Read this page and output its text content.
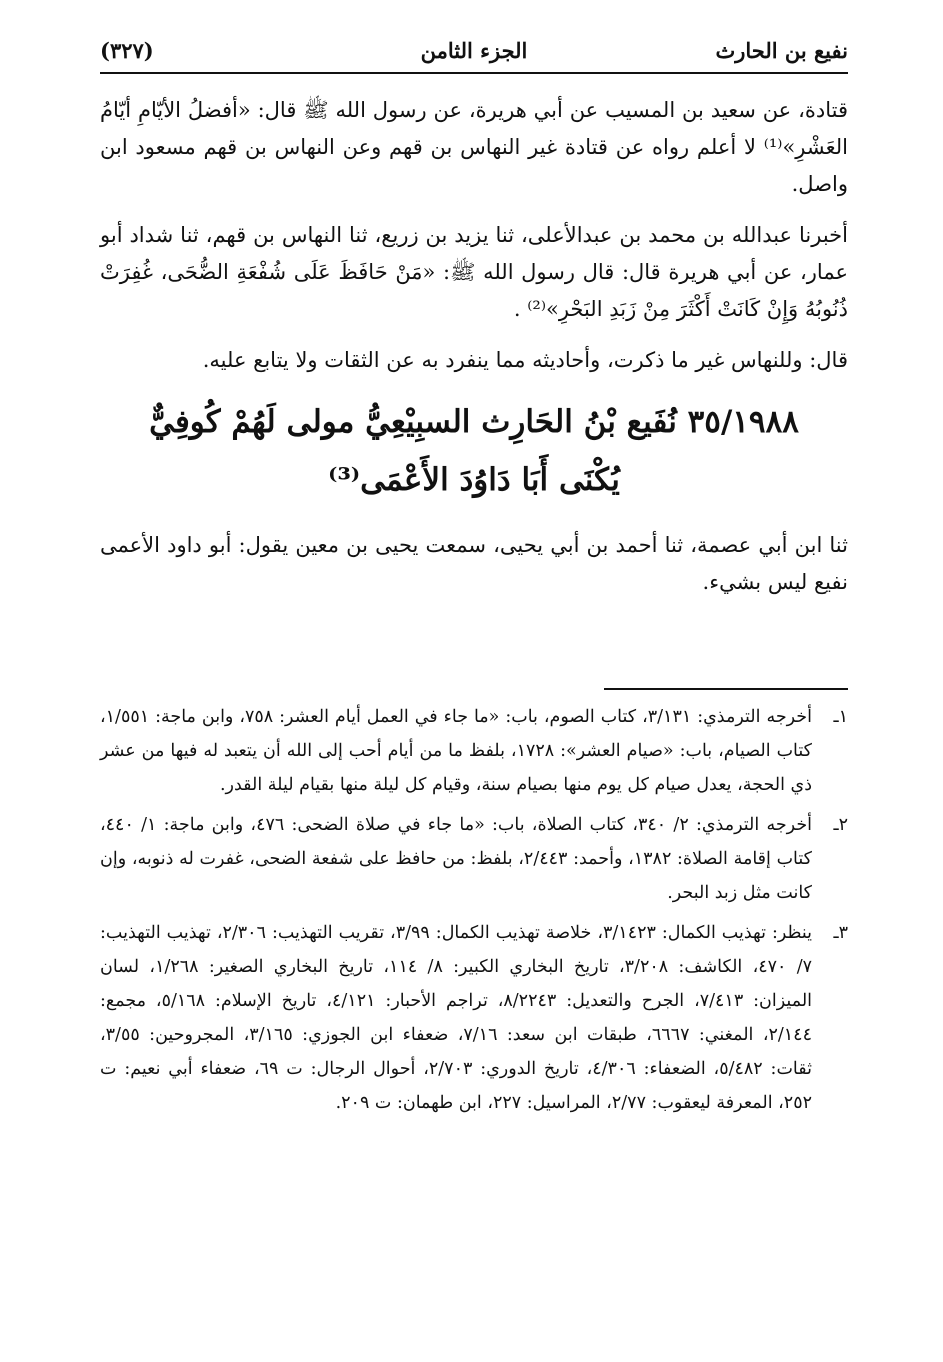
نفيع بن الحارث
الجزء الثامن
(٣٢٧)

قتادة، عن سعيد بن المسيب عن أبي هريرة، عن رسول الله ﷺ قال: «أفضلُ الأيّامِ أيّامُ العَشْرِ»⁽¹⁾ لا أعلم رواه عن قتادة غير النهاس بن قهم وعن النهاس بن قهم مسعود ابن واصل.

أخبرنا عبدالله بن محمد بن عبدالأعلى، ثنا يزيد بن زريع، ثنا النهاس بن قهم، ثنا شداد أبو عمار، عن أبي هريرة قال: قال رسول الله ﷺ: «مَنْ حَافَظَ عَلَى شُفْعَةِ الضُّحَى، غُفِرَتْ ذُنُوبُهُ وَإِنْ كَانَتْ أَكْثَرَ مِنْ زَبَدِ البَحْرِ»⁽²⁾ .

قال: وللنهاس غير ما ذكرت، وأحاديثه مما ينفرد به عن الثقات ولا يتابع عليه.

٣٥/١٩٨٨ نُفَيع بْنُ الحَارِث السبِيْعِيُّ مولى لَهُمْ كُوفِيٌّ
يُكْنَى أَبَا دَاوُدَ الأَعْمَى⁽³⁾

ثنا ابن أبي عصمة، ثنا أحمد بن أبي يحيى، سمعت يحيى بن معين يقول: أبو داود الأعمى نفيع ليس بشيء.

١ـ
أخرجه الترمذي: ٣/١٣١، كتاب الصوم، باب: «ما جاء في العمل أيام العشر: ٧٥٨، وابن ماجة: ١/٥٥١، كتاب الصيام، باب: «صيام العشر»: ١٧٢٨، بلفظ ما من أيام أحب إلى الله أن يتعبد له فيها من عشر ذي الحجة، يعدل صيام كل يوم منها بصيام سنة، وقيام كل ليلة منها بقيام ليلة القدر.
٢ـ
أخرجه الترمذي: ٢/ ٣٤٠، كتاب الصلاة، باب: «ما جاء في صلاة الضحى: ٤٧٦، وابن ماجة: ١/ ٤٤٠، كتاب إقامة الصلاة: ١٣٨٢، وأحمد: ٢/٤٤٣، بلفظ: من حافظ على شفعة الضحى، غفرت له ذنوبه، وإن كانت مثل زبد البحر.
٣ـ
ينظر: تهذيب الكمال: ٣/١٤٢٣، خلاصة تهذيب الكمال: ٣/٩٩، تقريب التهذيب: ٢/٣٠٦، تهذيب التهذيب: ٧/ ٤٧٠، الكاشف: ٣/٢٠٨، تاريخ البخاري الكبير: ٨/ ١١٤، تاريخ البخاري الصغير: ١/٢٦٨، لسان الميزان: ٧/٤١٣، الجرح والتعديل: ٨/٢٢٤٣، تراجم الأحبار: ٤/١٢١، تاريخ الإسلام: ٥/١٦٨، مجمع: ٢/١٤٤، المغني: ٦٦٦٧، طبقات ابن سعد: ٧/١٦، ضعفاء ابن الجوزي: ٣/١٦٥، المجروحين: ٣/٥٥، ثقات: ٥/٤٨٢، الضعفاء: ٤/٣٠٦، تاريخ الدوري: ٢/٧٠٣، أحوال الرجال: ت ٦٩، ضعفاء أبي نعيم: ت ٢٥٢، المعرفة ليعقوب: ٢/٧٧، المراسيل: ٢٢٧، ابن طهمان: ت ٢٠٩.
